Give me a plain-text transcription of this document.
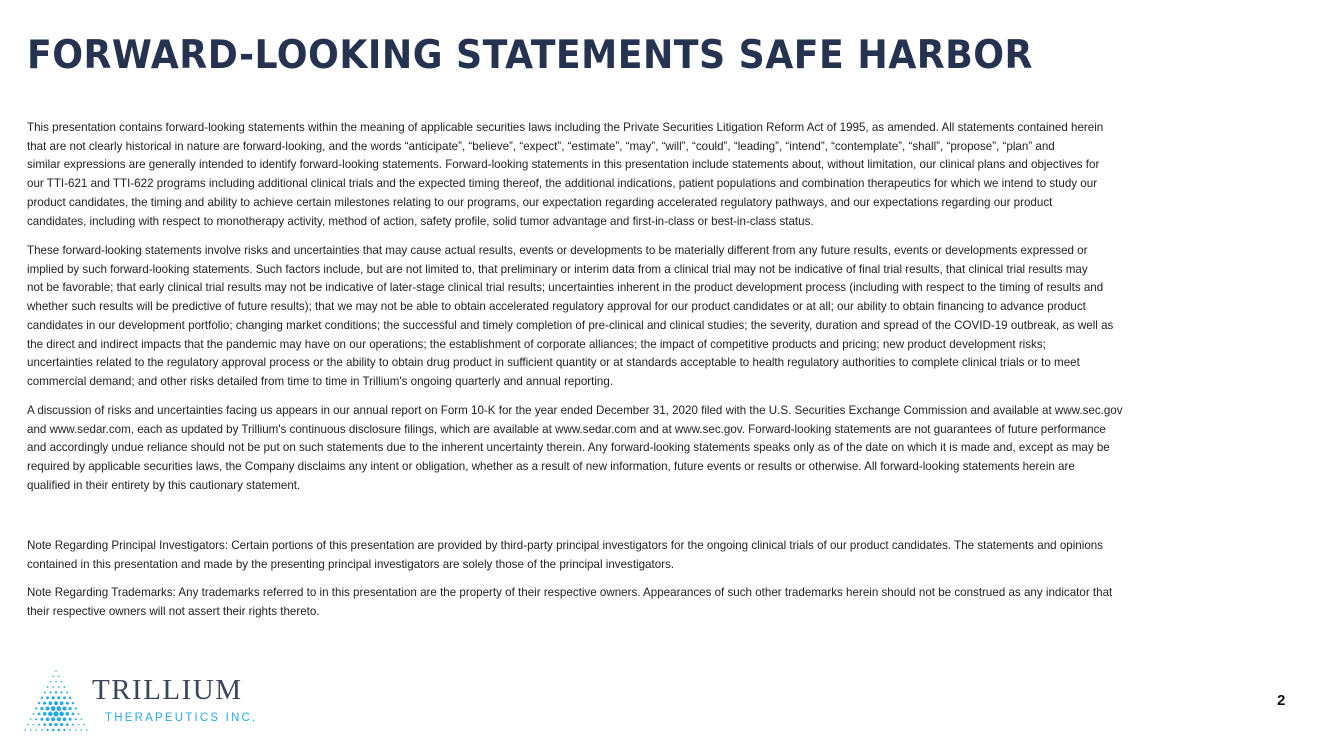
FORWARD-LOOKING STATEMENTS SAFE HARBOR
This presentation contains forward-looking statements within the meaning of applicable securities laws including the Private Securities Litigation Reform Act of 1995, as amended. All statements contained herein
that are not clearly historical in nature are forward-looking, and the words “anticipate”, “believe”, “expect”, “estimate”, “may”, “will”, “could”, “leading”, “intend”, “contemplate”, “shall”, “propose”, “plan” and
similar expressions are generally intended to identify forward-looking statements. Forward-looking statements in this presentation include statements about, without limitation, our clinical plans and objectives for
our TTI-621 and TTI-622 programs including additional clinical trials and the expected timing thereof, the additional indications, patient populations and combination therapeutics for which we intend to study our
product candidates, the timing and ability to achieve certain milestones relating to our programs, our expectation regarding accelerated regulatory pathways, and our expectations regarding our product
candidates, including with respect to monotherapy activity, method of action, safety profile, solid tumor advantage and first-in-class or best-in-class status.
These forward-looking statements involve risks and uncertainties that may cause actual results, events or developments to be materially different from any future results, events or developments expressed or
implied by such forward-looking statements. Such factors include, but are not limited to, that preliminary or interim data from a clinical trial may not be indicative of final trial results, that clinical trial results may
not be favorable; that early clinical trial results may not be indicative of later-stage clinical trial results; uncertainties inherent in the product development process (including with respect to the timing of results and
whether such results will be predictive of future results); that we may not be able to obtain accelerated regulatory approval for our product candidates or at all; our ability to obtain financing to advance product
candidates in our development portfolio; changing market conditions; the successful and timely completion of pre-clinical and clinical studies; the severity, duration and spread of the COVID-19 outbreak, as well as
the direct and indirect impacts that the pandemic may have on our operations; the establishment of corporate alliances; the impact of competitive products and pricing; new product development risks;
uncertainties related to the regulatory approval process or the ability to obtain drug product in sufficient quantity or at standards acceptable to health regulatory authorities to complete clinical trials or to meet
commercial demand; and other risks detailed from time to time in Trillium's ongoing quarterly and annual reporting.
A discussion of risks and uncertainties facing us appears in our annual report on Form 10-K for the year ended December 31, 2020 filed with the U.S. Securities Exchange Commission and available at www.sec.gov
and www.sedar.com, each as updated by Trillium's continuous disclosure filings, which are available at www.sedar.com and at www.sec.gov. Forward-looking statements are not guarantees of future performance
and accordingly undue reliance should not be put on such statements due to the inherent uncertainty therein. Any forward-looking statements speaks only as of the date on which it is made and, except as may be
required by applicable securities laws, the Company disclaims any intent or obligation, whether as a result of new information, future events or results or otherwise. All forward-looking statements herein are
qualified in their entirety by this cautionary statement.
Note Regarding Principal Investigators: Certain portions of this presentation are provided by third-party principal investigators for the ongoing clinical trials of our product candidates. The statements and opinions
contained in this presentation and made by the presenting principal investigators are solely those of the principal investigators.
Note Regarding Trademarks: Any trademarks referred to in this presentation are the property of their respective owners. Appearances of such other trademarks herein should not be construed as any indicator that
their respective owners will not assert their rights thereto.
TRILLIUM
THERAPEUTICS INC.
2
